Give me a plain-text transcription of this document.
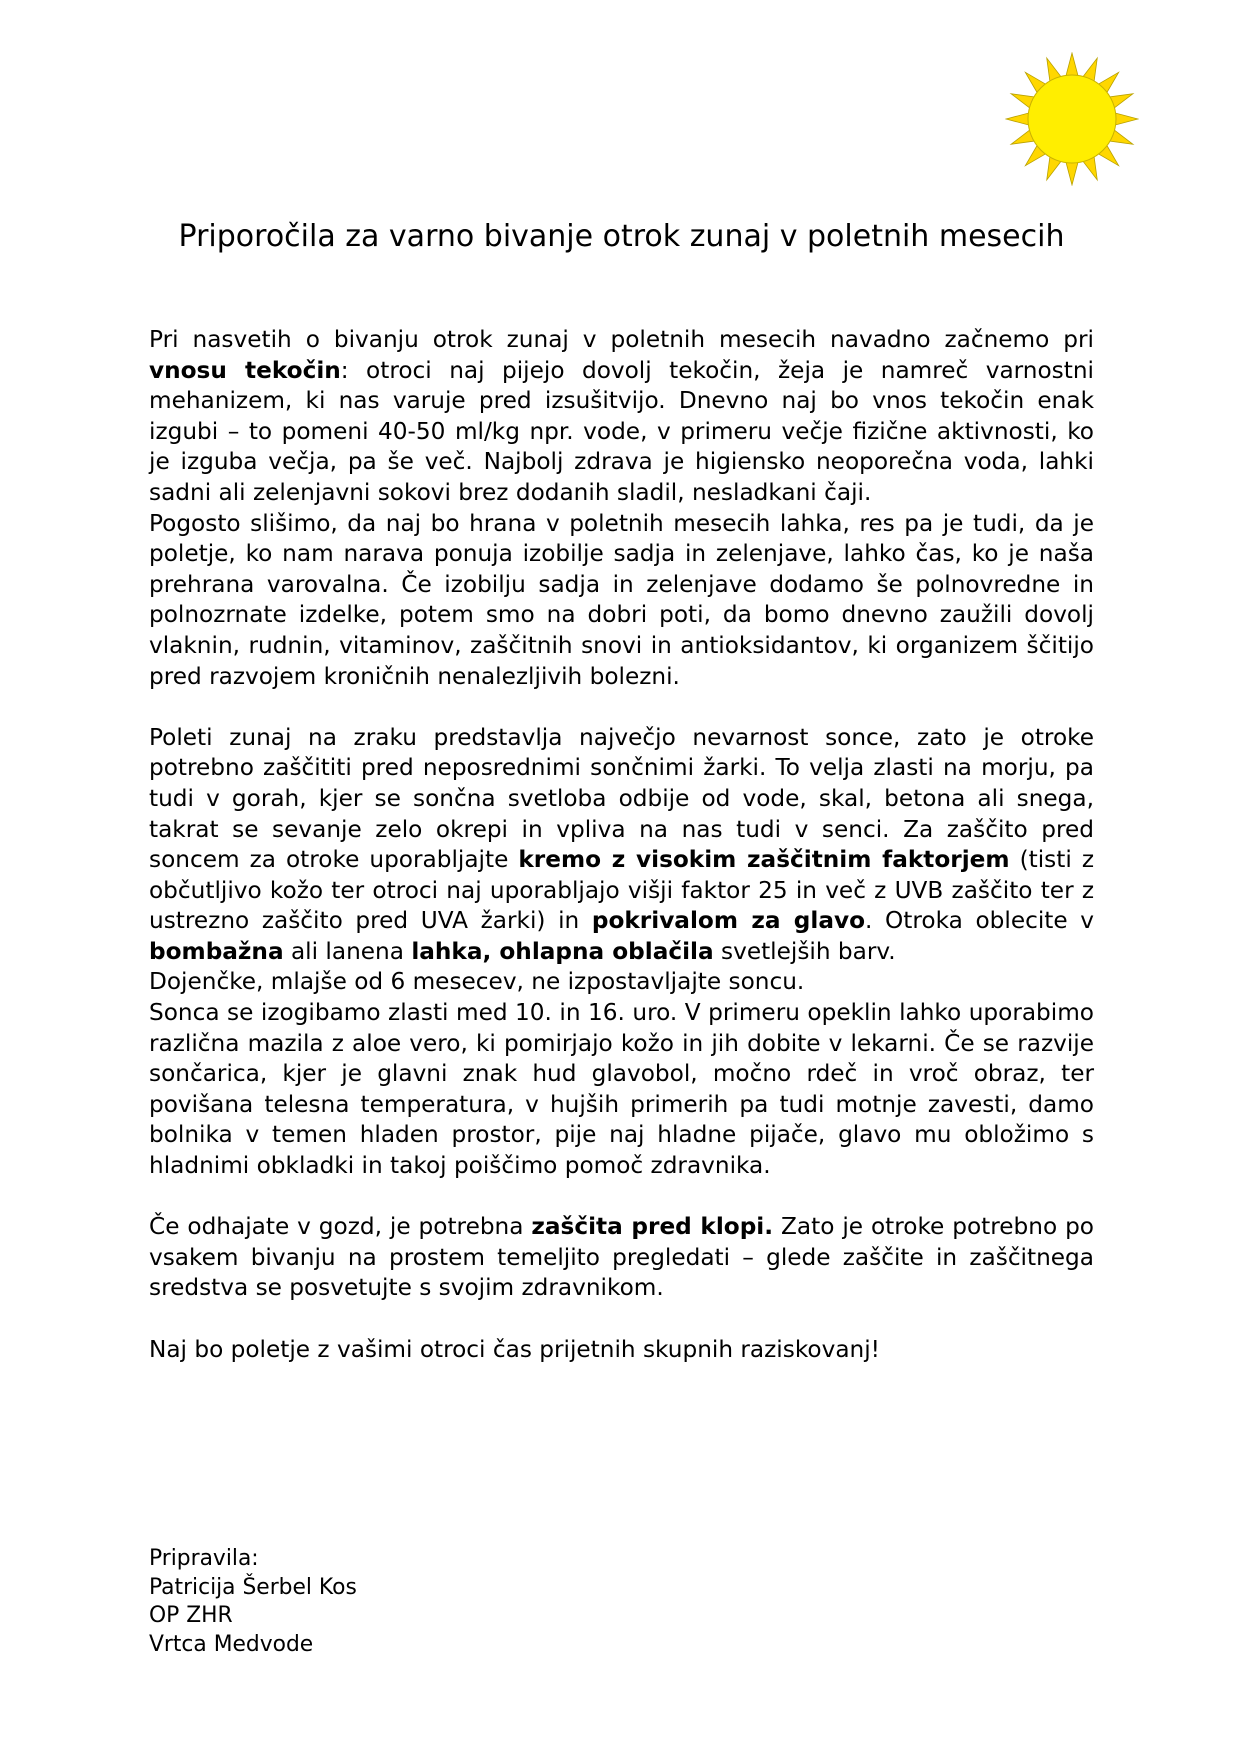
Priporočila za varno bivanje otrok zunaj v poletnih mesecih

Pri nasvetih o bivanju otrok zunaj v poletnih mesecih navadno začnemo pri vnosu tekočin: otroci naj pijejo dovolj tekočin, žeja je namreč varnostni mehanizem, ki nas varuje pred izsušitvijo. Dnevno naj bo vnos tekočin enak izgubi – to pomeni 40-50 ml/kg npr. vode, v primeru večje fizične aktivnosti, ko je izguba večja, pa še več. Najbolj zdrava je higiensko neoporečna voda, lahki sadni ali zelenjavni sokovi brez dodanih sladil, nesladkani čaji.

Pogosto slišimo, da naj bo hrana v poletnih mesecih lahka, res pa je tudi, da je poletje, ko nam narava ponuja izobilje sadja in zelenjave, lahko čas, ko je naša prehrana varovalna. Če izobilju sadja in zelenjave dodamo še polnovredne in polnozrnate izdelke, potem smo na dobri poti, da bomo dnevno zaužili dovolj vlaknin, rudnin, vitaminov, zaščitnih snovi in antioksidantov, ki organizem ščitijo pred razvojem kroničnih nenalezljivih bolezni.

Poleti zunaj na zraku predstavlja največjo nevarnost sonce, zato je otroke potrebno zaščititi pred neposrednimi sončnimi žarki. To velja zlasti na morju, pa tudi v gorah, kjer se sončna svetloba odbije od vode, skal, betona ali snega, takrat se sevanje zelo okrepi in vpliva na nas tudi v senci. Za zaščito pred soncem za otroke uporabljajte kremo z visokim zaščitnim faktorjem (tisti z občutljivo kožo ter otroci naj uporabljajo višji faktor 25 in več z UVB zaščito ter z ustrezno zaščito pred UVA žarki) in pokrivalom za glavo. Otroka oblecite v bombažna ali lanena lahka, ohlapna oblačila svetlejših barv.

Dojenčke, mlajše od 6 mesecev, ne izpostavljajte soncu.

Sonca se izogibamo zlasti med 10. in 16. uro. V primeru opeklin lahko uporabimo različna mazila z aloe vero, ki pomirjajo kožo in jih dobite v lekarni. Če se razvije sončarica, kjer je glavni znak hud glavobol, močno rdeč in vroč obraz, ter povišana telesna temperatura, v hujših primerih pa tudi motnje zavesti, damo bolnika v temen hladen prostor, pije naj hladne pijače, glavo mu obložimo s hladnimi obkladki in takoj poiščimo pomoč zdravnika.

Če odhajate v gozd, je potrebna zaščita pred klopi. Zato je otroke potrebno po vsakem bivanju na prostem temeljito pregledati – glede zaščite in zaščitnega sredstva se posvetujte s svojim zdravnikom.

Naj bo poletje z vašimi otroci čas prijetnih skupnih raziskovanj!

Pripravila:
Patricija Šerbel Kos
OP ZHR
Vrtca Medvode
